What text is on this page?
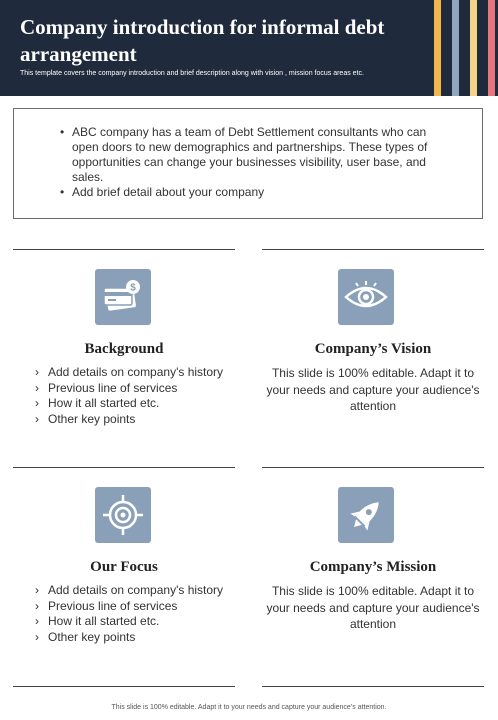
Company introduction for informal debt arrangement
This template covers the company introduction and brief description along with vision , mission focus areas etc.
• ABC company has a team of Debt Settlement consultants who can open doors to new demographics and partnerships. These types of opportunities can change your businesses visibility, user base, and sales.
• Add brief detail about your company
$
Background
› Add details on company's history
› Previous line of services
› How it all started etc.
› Other key points
Company’s Vision
This slide is 100% editable. Adapt it to your needs and capture your audience's attention
Our Focus
› Add details on company's history
› Previous line of services
› How it all started etc.
› Other key points
Company’s Mission
This slide is 100% editable. Adapt it to your needs and capture your audience's attention
This slide is 100% editable. Adapt it to your needs and capture your audience’s attention.
